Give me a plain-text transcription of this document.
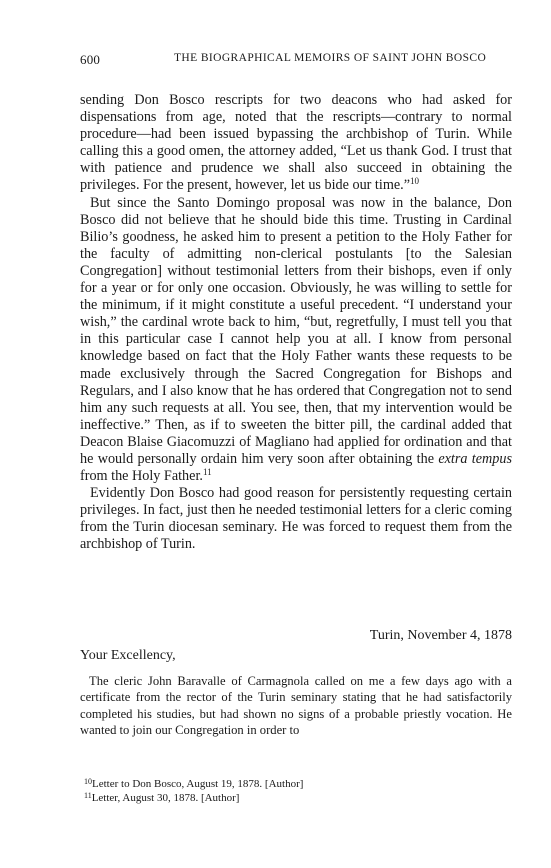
600	THE BIOGRAPHICAL MEMOIRS OF SAINT JOHN BOSCO

sending Don Bosco rescripts for two deacons who had asked for dispensations from age, noted that the rescripts—contrary to normal procedure—had been issued bypassing the archbishop of Turin. While calling this a good omen, the attorney added, “Let us thank God. I trust that with patience and prudence we shall also succeed in obtaining the privileges. For the present, however, let us bide our time.”$^{10}$

But since the Santo Domingo proposal was now in the balance, Don Bosco did not believe that he should bide this time. Trusting in Cardinal Bilio’s goodness, he asked him to present a petition to the Holy Father for the faculty of admitting non-clerical postulants [to the Salesian Congregation] without testimonial letters from their bishops, even if only for a year or for only one occasion. Obviously, he was willing to settle for the minimum, if it might constitute a useful precedent. “I understand your wish,” the cardinal wrote back to him, “but, regretfully, I must tell you that in this particular case I cannot help you at all. I know from personal knowledge based on fact that the Holy Father wants these requests to be made exclusively through the Sacred Congregation for Bishops and Regulars, and I also know that he has ordered that Congregation not to send him any such requests at all. You see, then, that my intervention would be ineffective.” Then, as if to sweeten the bitter pill, the cardinal added that Deacon Blaise Giacomuzzi of Magliano had applied for ordination and that he would personally ordain him very soon after obtaining the extra tempus from the Holy Father.$^{11}$

Evidently Don Bosco had good reason for persistently requesting certain privileges. In fact, just then he needed testimonial letters for a cleric coming from the Turin diocesan seminary. He was forced to request them from the archbishop of Turin.

Turin, November 4, 1878

Your Excellency,

The cleric John Baravalle of Carmagnola called on me a few days ago with a certificate from the rector of the Turin seminary stating that he had satisfactorily completed his studies, but had shown no signs of a probable priestly vocation. He wanted to join our Congregation in order to

$^{10}$Letter to Don Bosco, August 19, 1878. [Author]
$^{11}$Letter, August 30, 1878. [Author]
